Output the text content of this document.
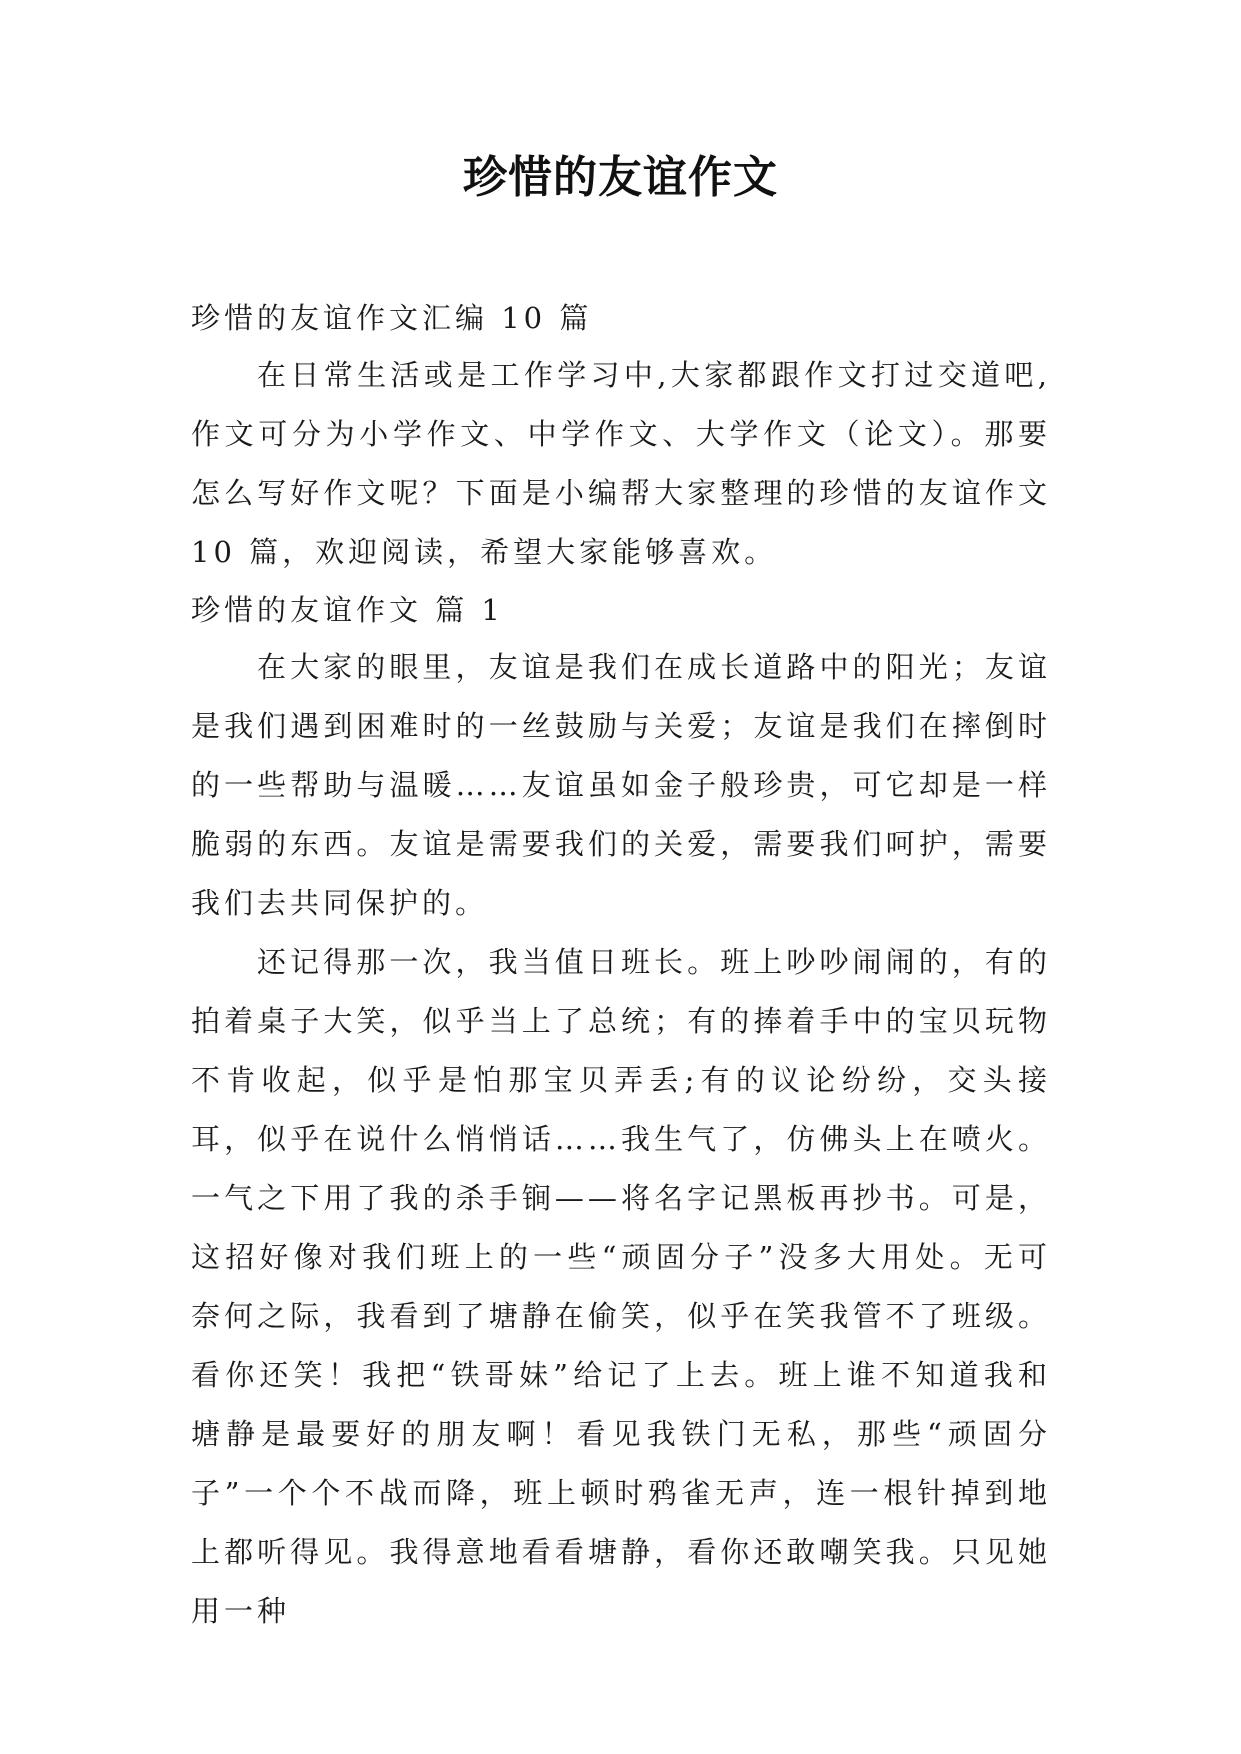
珍惜的友谊作文

珍惜的友谊作文汇编 10 篇

在日常生活或是工作学习中,大家都跟作文打过交道吧,作文可分为小学作文、中学作文、大学作文（论文）。那要怎么写好作文呢？下面是小编帮大家整理的珍惜的友谊作文 10 篇，欢迎阅读，希望大家能够喜欢。

珍惜的友谊作文 篇 1

在大家的眼里，友谊是我们在成长道路中的阳光；友谊是我们遇到困难时的一丝鼓励与关爱；友谊是我们在摔倒时的一些帮助与温暖……友谊虽如金子般珍贵，可它却是一样脆弱的东西。友谊是需要我们的关爱，需要我们呵护，需要我们去共同保护的。

还记得那一次，我当值日班长。班上吵吵闹闹的，有的拍着桌子大笑，似乎当上了总统；有的捧着手中的宝贝玩物不肯收起，似乎是怕那宝贝弄丢;有的议论纷纷，交头接耳，似乎在说什么悄悄话……我生气了，仿佛头上在喷火。一气之下用了我的杀手锏——将名字记黑板再抄书。可是，这招好像对我们班上的一些“顽固分子”没多大用处。无可奈何之际，我看到了塘静在偷笑，似乎在笑我管不了班级。看你还笑！我把“铁哥妹”给记了上去。班上谁不知道我和塘静是最要好的朋友啊！看见我铁门无私，那些“顽固分子”一个个不战而降，班上顿时鸦雀无声，连一根针掉到地上都听得见。我得意地看看塘静，看你还敢嘲笑我。只见她用一种
